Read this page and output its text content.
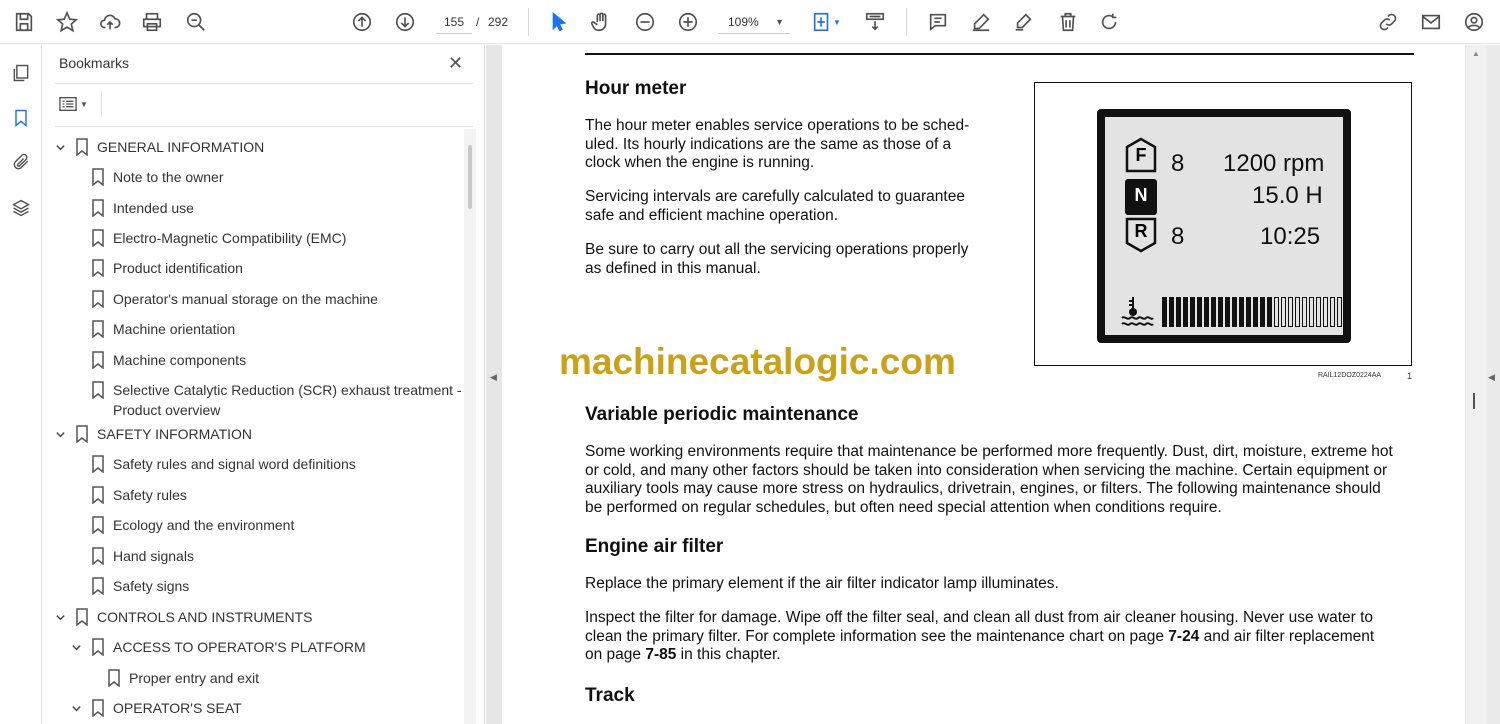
155 / 292	109% ▼	▼
Bookmarks	✕
▼
GENERAL INFORMATION
Note to the owner
Intended use
Electro-Magnetic Compatibility (EMC)
Product identification
Operator's manual storage on the machine
Machine orientation
Machine components
Selective Catalytic Reduction (SCR) exhaust treatment -
Product overview
SAFETY INFORMATION
Safety rules and signal word definitions
Safety rules
Ecology and the environment
Hand signals
Safety signs
CONTROLS AND INSTRUMENTS
ACCESS TO OPERATOR'S PLATFORM
Proper entry and exit
OPERATOR'S SEAT
◀
Hour meter
The hour meter enables service operations to be sched-
uled. Its hourly indications are the same as those of a
clock when the engine is running.
Servicing intervals are carefully calculated to guarantee
safe and efficient machine operation.
Be sure to carry out all the servicing operations properly
as defined in this manual.
F	8 1200 rpm
N	15.0 H
R 8	10:25
RAIL12DOZ0224AA	1
machinecatalogic.com
Variable periodic maintenance
Some working environments require that maintenance be performed more frequently. Dust, dirt, moisture, extreme hot
or cold, and many other factors should be taken into consideration when servicing the machine. Certain equipment or
auxiliary tools may cause more stress on hydraulics, drivetrain, engines, or filters. The following maintenance should
be performed on regular schedules, but often need special attention when conditions require.
Engine air filter
Replace the primary element if the air filter indicator lamp illuminates.
Inspect the filter for damage. Wipe off the filter seal, and clean all dust from air cleaner housing. Never use water to
clean the primary filter. For complete information see the maintenance chart on page 7-24 and air filter replacement
on page 7-85 in this chapter.
Track
▲
◀
